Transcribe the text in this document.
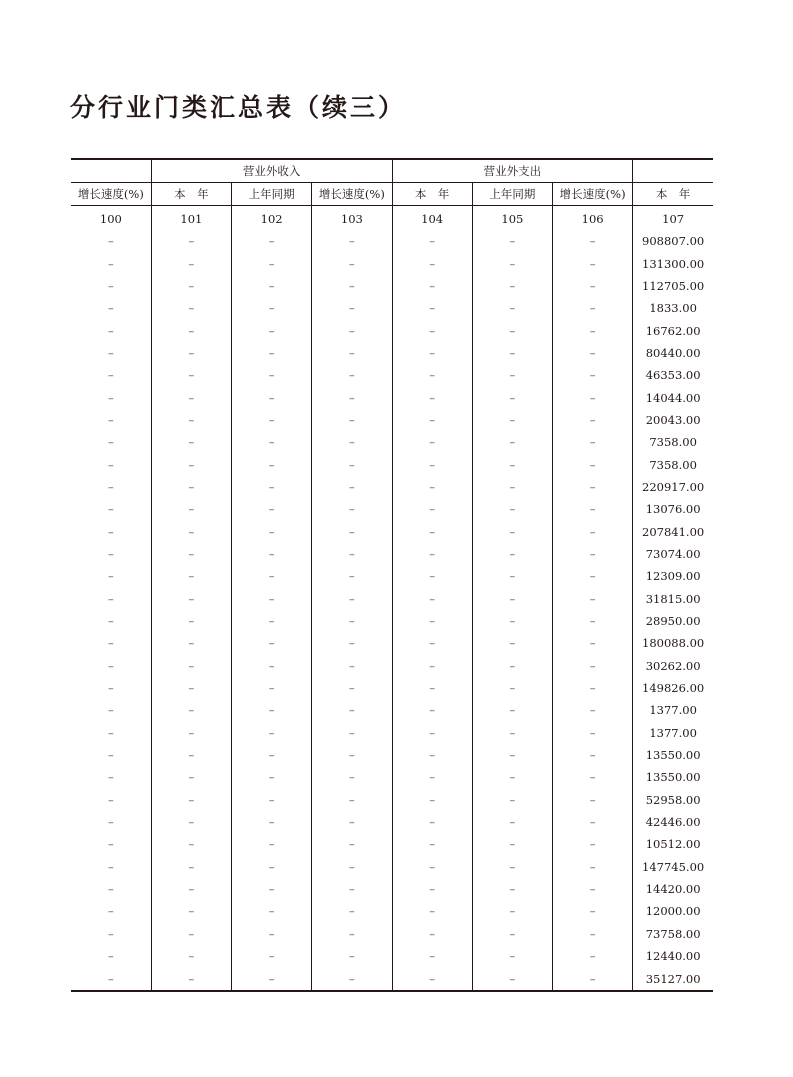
分行业门类汇总表（续三）
	营业外收入			营业外支出			
增长速度(%)	本　年	上年同期	增长速度(%)	本　年	上年同期	增长速度(%)	本　年
100	101	102	103	104	105	106	107
–	–	–	–	–	–	–	908807.00
–	–	–	–	–	–	–	131300.00
–	–	–	–	–	–	–	112705.00
–	–	–	–	–	–	–	1833.00
–	–	–	–	–	–	–	16762.00
–	–	–	–	–	–	–	80440.00
–	–	–	–	–	–	–	46353.00
–	–	–	–	–	–	–	14044.00
–	–	–	–	–	–	–	20043.00
–	–	–	–	–	–	–	7358.00
–	–	–	–	–	–	–	7358.00
–	–	–	–	–	–	–	220917.00
–	–	–	–	–	–	–	13076.00
–	–	–	–	–	–	–	207841.00
–	–	–	–	–	–	–	73074.00
–	–	–	–	–	–	–	12309.00
–	–	–	–	–	–	–	31815.00
–	–	–	–	–	–	–	28950.00
–	–	–	–	–	–	–	180088.00
–	–	–	–	–	–	–	30262.00
–	–	–	–	–	–	–	149826.00
–	–	–	–	–	–	–	1377.00
–	–	–	–	–	–	–	1377.00
–	–	–	–	–	–	–	13550.00
–	–	–	–	–	–	–	13550.00
–	–	–	–	–	–	–	52958.00
–	–	–	–	–	–	–	42446.00
–	–	–	–	–	–	–	10512.00
–	–	–	–	–	–	–	147745.00
–	–	–	–	–	–	–	14420.00
–	–	–	–	–	–	–	12000.00
–	–	–	–	–	–	–	73758.00
–	–	–	–	–	–	–	12440.00
–	–	–	–	–	–	–	35127.00
